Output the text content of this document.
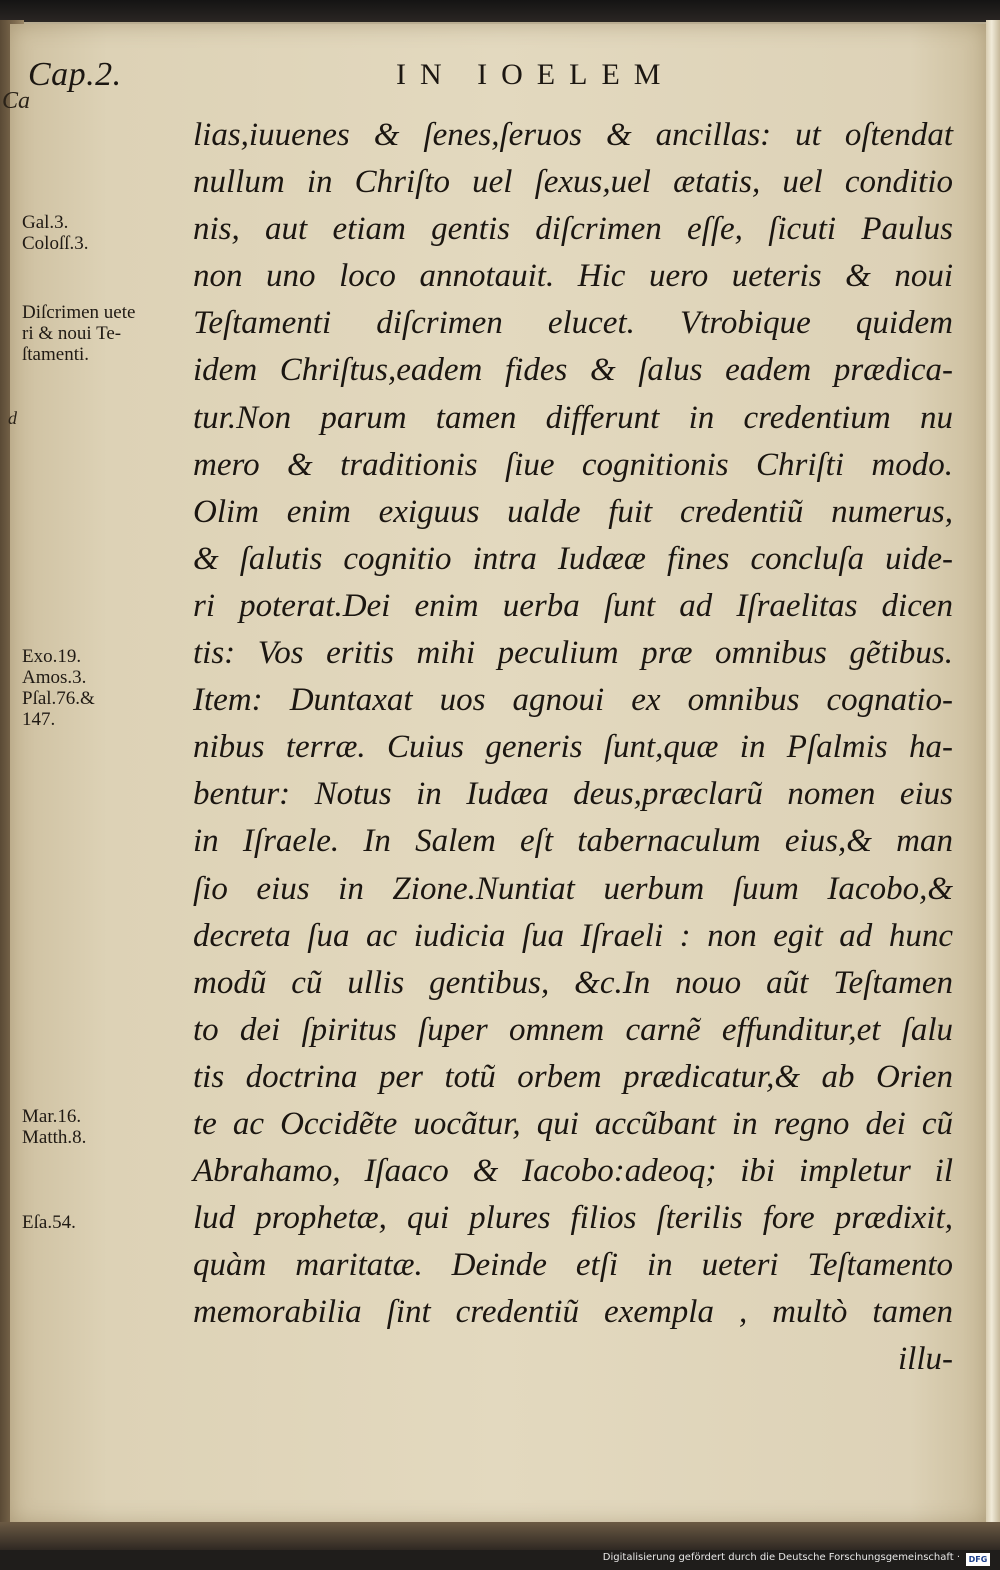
Ca
d
Cap.2.	IN IOELEM
Gal.3.
Coloſſ.3.
Diſcrimen uete
ri & noui Te-
ſtamenti.
Exo.19.
Amos.3.
Pſal.76.&
147.
Mar.16.
Matth.8.
Eſa.54.
lias,iuuenes & ſenes,ſeruos & ancillas: ut oſtendat
nullum in Chriſto uel ſexus,uel ætatis, uel conditio
nis, aut etiam gentis diſcrimen eſſe, ſicuti Paulus
non uno loco annotauit. Hic uero ueteris & noui
Teſtamenti diſcrimen elucet. Vtrobique quidem
idem Chriſtus,eadem fides & ſalus eadem prædica-
tur.Non parum tamen differunt in credentium nu
mero & traditionis ſiue cognitionis Chriſti modo.
Olim enim exiguus ualde fuit credentiũ numerus,
& ſalutis cognitio intra Iudææ fines concluſa uide-
ri poterat.Dei enim uerba ſunt ad Iſraelitas dicen
tis: Vos eritis mihi peculium præ omnibus gẽtibus.
Item: Duntaxat uos agnoui ex omnibus cognatio-
nibus terræ. Cuius generis ſunt,quæ in Pſalmis ha-
bentur: Notus in Iudæa deus,præclarũ nomen eius
in Iſraele. In Salem eſt tabernaculum eius,& man
ſio eius in Zione.Nuntiat uerbum ſuum Iacobo,&
decreta ſua ac iudicia ſua Iſraeli : non egit ad hunc
modũ cũ ullis gentibus, &c.In nouo aũt Teſtamen
to dei ſpiritus ſuper omnem carnẽ effunditur,et ſalu
tis doctrina per totũ orbem prædicatur,& ab Orien
te ac Occidẽte uocãtur, qui accũbant in regno dei cũ
Abrahamo, Iſaaco & Iacobo:adeoq; ibi impletur il
lud prophetæ, qui plures filios ſterilis fore prædixit,
quàm maritatæ. Deinde etſi in ueteri Teſtamento
memorabilia ſint credentiũ exempla , multò tamen
illu-
Digitalisierung gefördert durch die Deutsche Forschungsgemeinschaft ·	DFG
